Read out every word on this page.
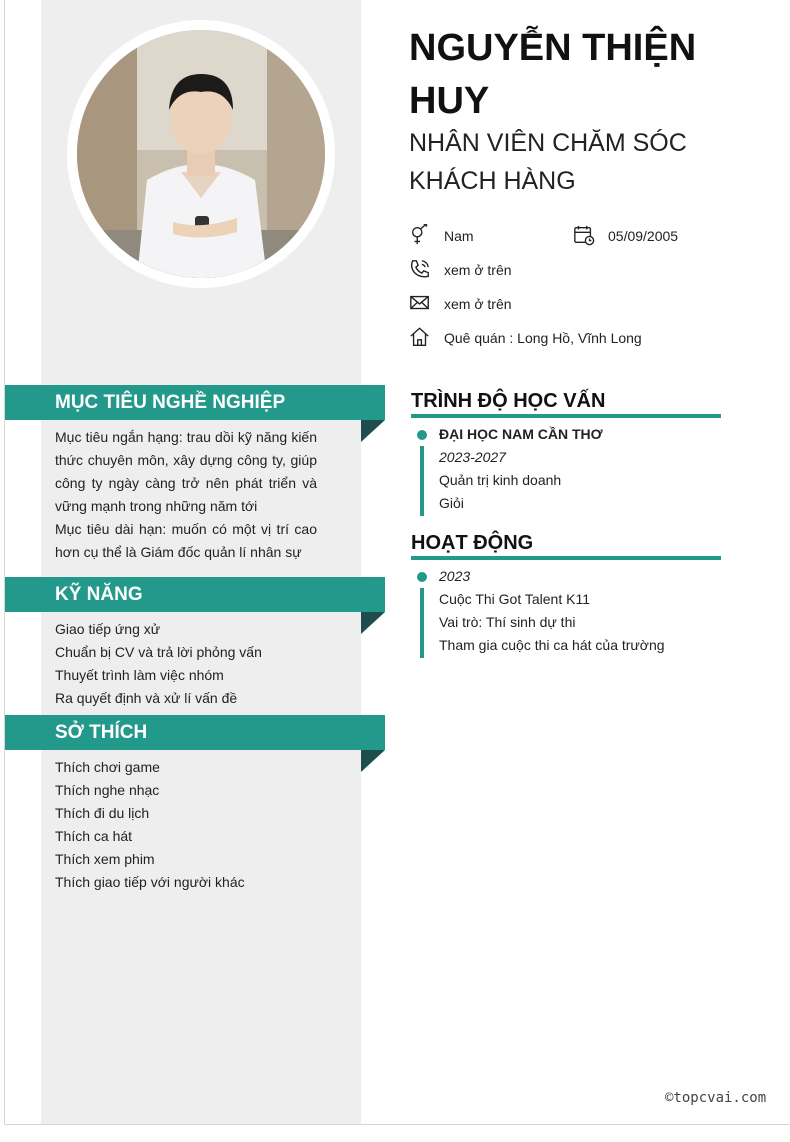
MỤC TIÊU NGHỀ NGHIỆP

Mục tiêu ngắn hạng: trau dồi kỹ năng kiến thức chuyên môn, xây dựng công ty, giúp công ty ngày càng trở nên phát triển và vững mạnh trong những năm tới

Mục tiêu dài hạn: muốn có một vị trí cao hơn cụ thể là Giám đốc quản lí nhân sự

KỸ NĂNG

Giao tiếp ứng xử

Chuẩn bị CV và trả lời phỏng vấn

Thuyết trình làm việc nhóm

Ra quyết định và xử lí vấn đề

SỞ THÍCH

Thích chơi game

Thích nghe nhạc

Thích đi du lịch

Thích ca hát

Thích xem phim

Thích giao tiếp với người khác

NGUYỄN THIỆN HUY
NHÂN VIÊN CHĂM SÓC KHÁCH HÀNG
Nam	05/09/2005
xem ở trên
xem ở trên
Quê quán : Long Hồ, Vĩnh Long
TRÌNH ĐỘ HỌC VẤN
ĐẠI HỌC NAM CẦN THƠ
2023-2027
Quản trị kinh doanh
Giỏi
HOẠT ĐỘNG
2023
Cuộc Thi Got Talent K11
Vai trò: Thí sinh dự thi
Tham gia cuộc thi ca hát của trường
©topcvai.com
